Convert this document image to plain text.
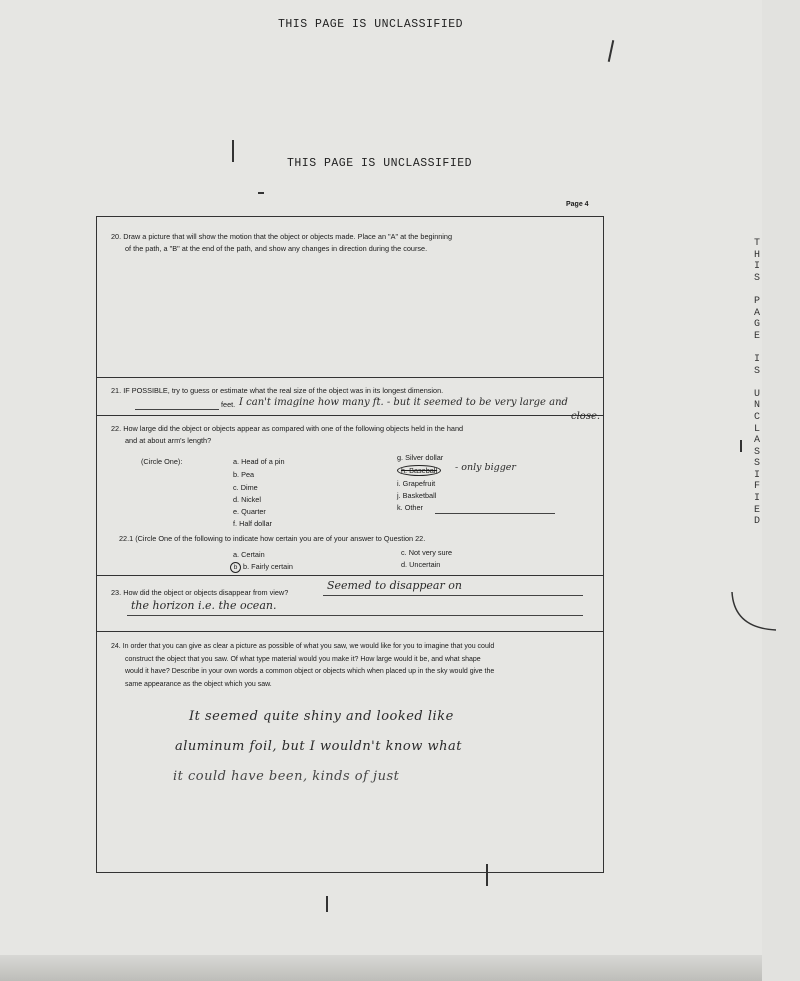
THIS PAGE IS UNCLASSIFIED
THIS PAGE IS UNCLASSIFIED
Page 4
T
H
I
S
P
A
G
E
I
S
U
N
C
L
A
S
S
I
F
I
E
D
20. Draw a picture that will show the motion that the object or objects made. Place an "A" at the beginning
of the path, a "B" at the end of the path, and show any changes in direction during the course.
21. IF POSSIBLE, try to guess or estimate what the real size of the object was in its longest dimension.
feet. I can't imagine how many ft. - but it seemed to be very large and
close.
22. How large did the object or objects appear as compared with one of the following objects held in the hand
and at about arm's length?
(Circle One):	a. Head of a pin
b. Pea
c. Dime
d. Nickel
e. Quarter
f. Half dollar
g. Silver dollar
h. Baseball	- only bigger
i. Grapefruit
j. Basketball
k. Other
22.1 (Circle One of the following to indicate how certain you are of your answer to Question 22.
a. Certain
b b. Fairly certain
c. Not very sure
d. Uncertain
23. How did the object or objects disappear from view?
Seemed to disappear on
the horizon i.e. the ocean.
24. In order that you can give as clear a picture as possible of what you saw, we would like for you to imagine that you could
construct the object that you saw. Of what type material would you make it? How large would it be, and what shape
would it have? Describe in your own words a common object or objects which when placed up in the sky would give the
same appearance as the object which you saw.
It seemed quite shiny and looked like
aluminum foil, but I wouldn't know what
it could have been, kinds of just
